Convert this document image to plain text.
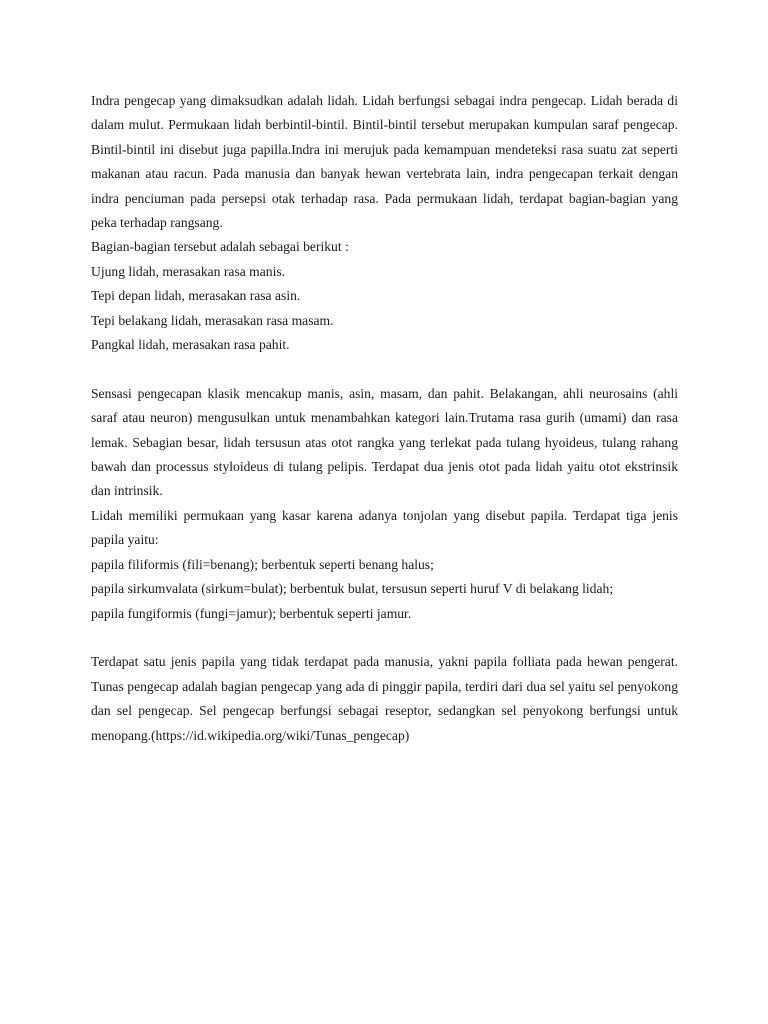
Indra pengecap yang dimaksudkan adalah lidah. Lidah berfungsi sebagai indra pengecap. Lidah berada di dalam mulut. Permukaan lidah berbintil-bintil. Bintil-bintil tersebut merupakan kumpulan saraf pengecap. Bintil-bintil ini disebut juga papilla.Indra ini merujuk pada kemampuan mendeteksi rasa suatu zat seperti makanan atau racun. Pada manusia dan banyak hewan vertebrata lain, indra pengecapan terkait dengan indra penciuman pada persepsi otak terhadap rasa. Pada permukaan lidah, terdapat bagian-bagian yang peka terhadap rangsang.

Bagian-bagian tersebut adalah sebagai berikut :

Ujung lidah, merasakan rasa manis.

Tepi depan lidah, merasakan rasa asin.

Tepi belakang lidah, merasakan rasa masam.

Pangkal lidah, merasakan rasa pahit.

Sensasi pengecapan klasik mencakup manis, asin, masam, dan pahit. Belakangan, ahli neurosains (ahli saraf atau neuron) mengusulkan untuk menambahkan kategori lain.Trutama rasa gurih (umami) dan rasa lemak. Sebagian besar, lidah tersusun atas otot rangka yang terlekat pada tulang hyoideus, tulang rahang bawah dan processus styloideus di tulang pelipis. Terdapat dua jenis otot pada lidah yaitu otot ekstrinsik dan intrinsik.

Lidah memiliki permukaan yang kasar karena adanya tonjolan yang disebut papila. Terdapat tiga jenis papila yaitu:

papila filiformis (fili=benang); berbentuk seperti benang halus;

papila sirkumvalata (sirkum=bulat); berbentuk bulat, tersusun seperti huruf V di belakang lidah;

papila fungiformis (fungi=jamur); berbentuk seperti jamur.

Terdapat satu jenis papila yang tidak terdapat pada manusia, yakni papila folliata pada hewan pengerat. Tunas pengecap adalah bagian pengecap yang ada di pinggir papila, terdiri dari dua sel yaitu sel penyokong dan sel pengecap. Sel pengecap berfungsi sebagai reseptor, sedangkan sel penyokong berfungsi untuk menopang.(https://id.wikipedia.org/wiki/Tunas_pengecap)
